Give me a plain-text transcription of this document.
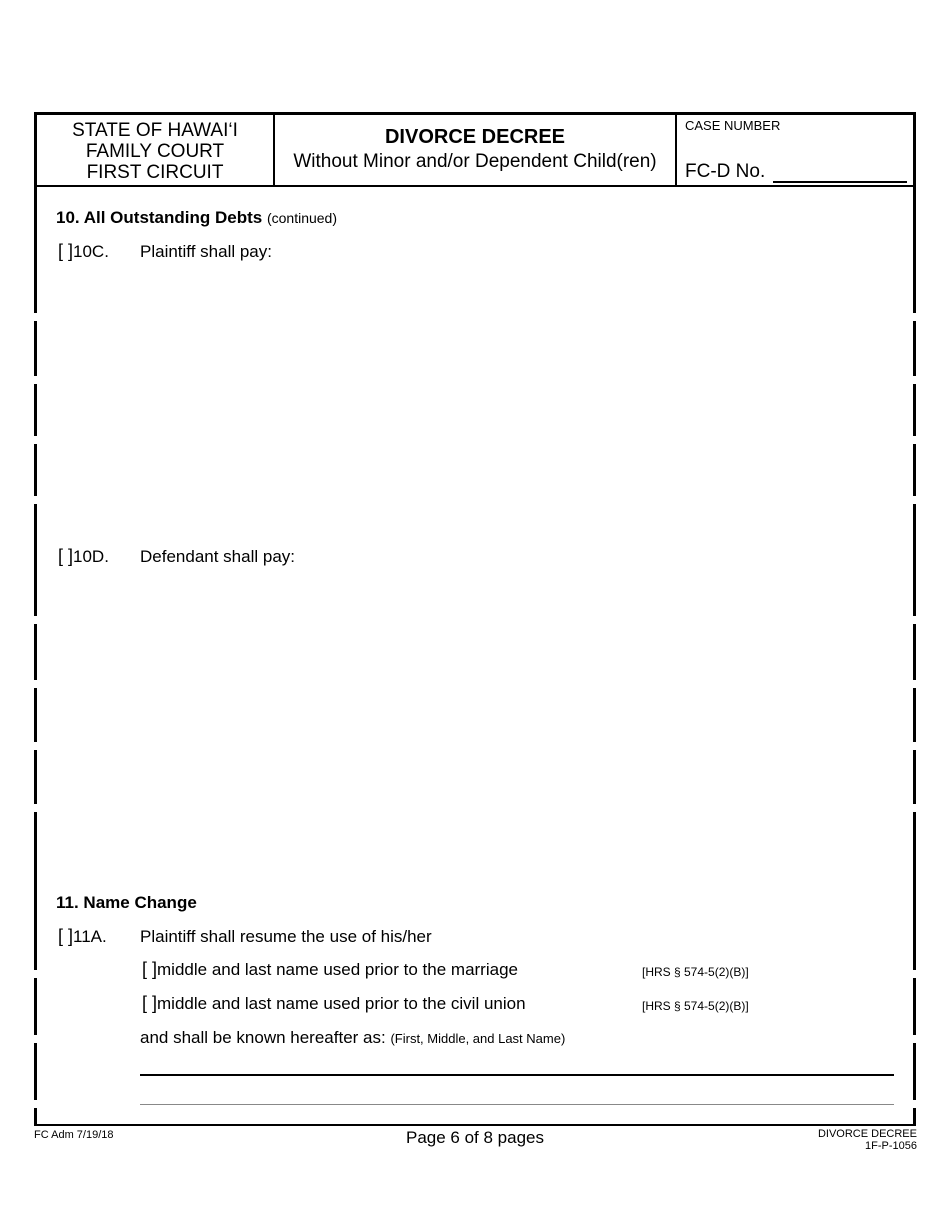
STATE OF HAWAI‘I
FAMILY COURT
FIRST CIRCUIT
DIVORCE DECREE
Without Minor and/or Dependent Child(ren)
CASE NUMBER
FC-D No.
10. All Outstanding Debts (continued)
[ ]10C. Plaintiff shall pay:
[ ]10D. Defendant shall pay:
11. Name Change
[ ]11A. Plaintiff shall resume the use of his/her
[ ]middle and last name used prior to the marriage	[HRS § 574-5(2)(B)]
[ ]middle and last name used prior to the civil union	[HRS § 574-5(2)(B)]
and shall be known hereafter as: (First, Middle, and Last Name)
FC Adm 7/19/18	Page 6 of 8 pages	DIVORCE DECREE
1F-P-1056
